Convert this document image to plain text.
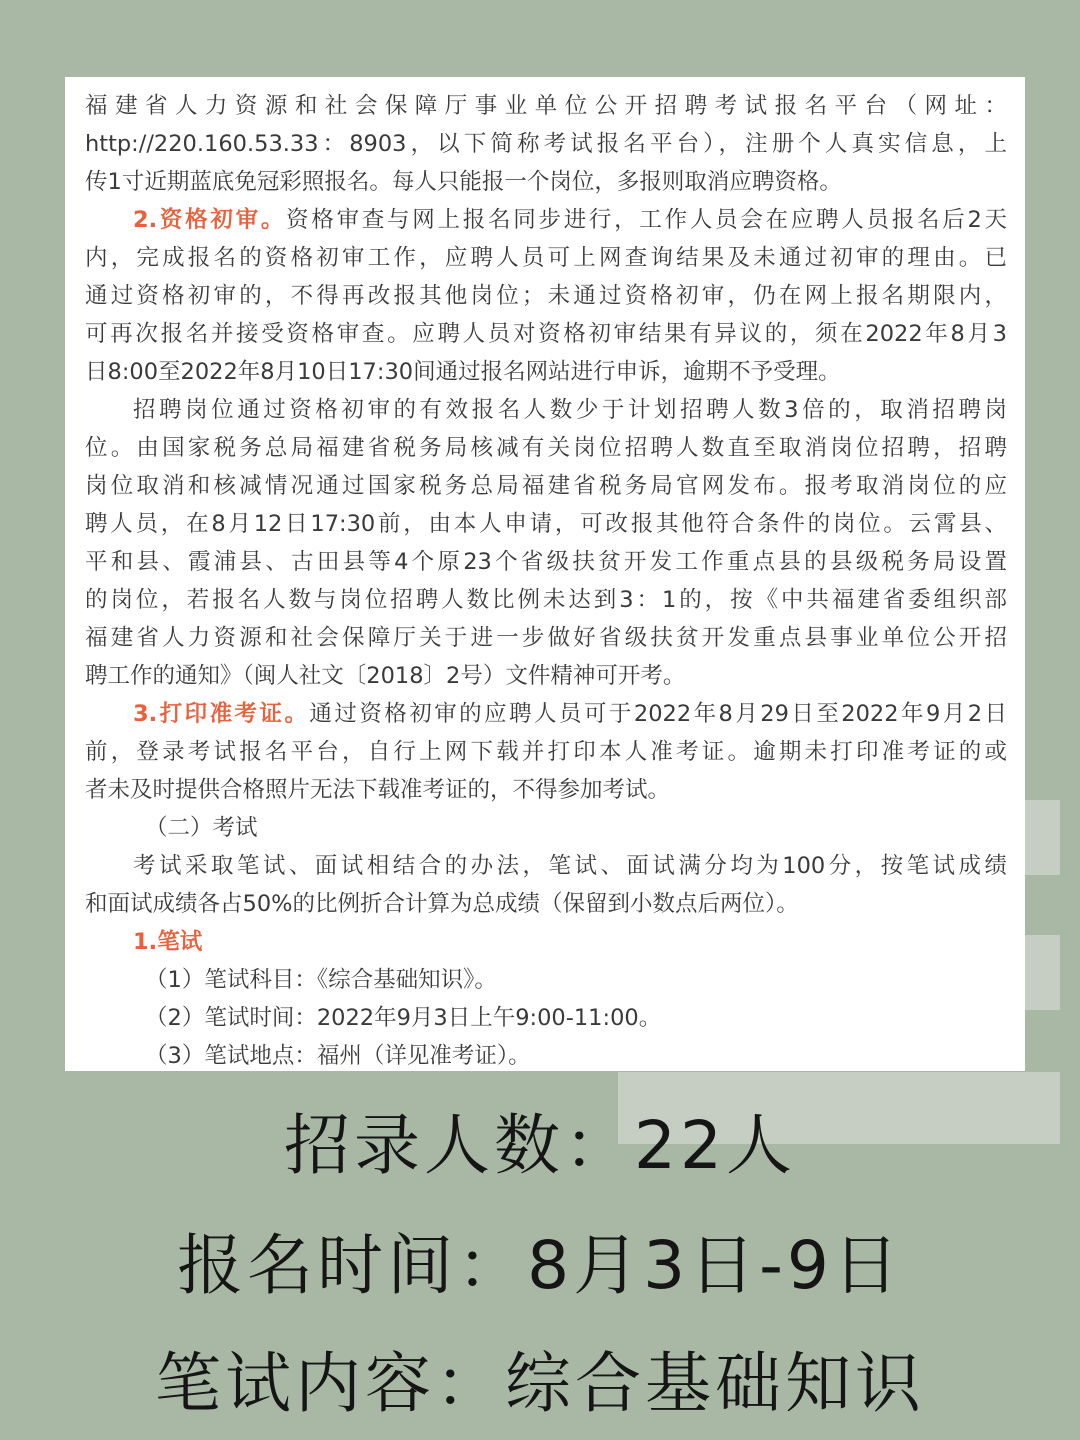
福建省人力资源和社会保障厅事业单位公开招聘考试报名平台（网址：
http://220.160.53.33：8903，以下简称考试报名平台），注册个人真实信息，上
传1寸近期蓝底免冠彩照报名。每人只能报一个岗位，多报则取消应聘资格。
2.资格初审。资格审查与网上报名同步进行，工作人员会在应聘人员报名后2天
内，完成报名的资格初审工作，应聘人员可上网查询结果及未通过初审的理由。已
通过资格初审的，不得再改报其他岗位；未通过资格初审，仍在网上报名期限内，
可再次报名并接受资格审查。应聘人员对资格初审结果有异议的，须在2022年8月3
日8:00至2022年8月10日17:30间通过报名网站进行申诉，逾期不予受理。
招聘岗位通过资格初审的有效报名人数少于计划招聘人数3倍的，取消招聘岗
位。由国家税务总局福建省税务局核减有关岗位招聘人数直至取消岗位招聘，招聘
岗位取消和核减情况通过国家税务总局福建省税务局官网发布。报考取消岗位的应
聘人员，在8月12日17:30前，由本人申请，可改报其他符合条件的岗位。云霄县、
平和县、霞浦县、古田县等4个原23个省级扶贫开发工作重点县的县级税务局设置
的岗位，若报名人数与岗位招聘人数比例未达到3：1的，按《中共福建省委组织部
福建省人力资源和社会保障厅关于进一步做好省级扶贫开发重点县事业单位公开招
聘工作的通知》（闽人社文〔2018〕2号）文件精神可开考。
3.打印准考证。通过资格初审的应聘人员可于2022年8月29日至2022年9月2日
前，登录考试报名平台，自行上网下载并打印本人准考证。逾期未打印准考证的或
者未及时提供合格照片无法下载准考证的，不得参加考试。
（二）考试
考试采取笔试、面试相结合的办法，笔试、面试满分均为100分，按笔试成绩
和面试成绩各占50%的比例折合计算为总成绩（保留到小数点后两位）。
1.笔试
（1）笔试科目：《综合基础知识》。
（2）笔试时间：2022年9月3日上午9:00-11:00。
（3）笔试地点：福州（详见准考证）。
招录人数：22人
报名时间：8月3日-9日
笔试内容：综合基础知识
